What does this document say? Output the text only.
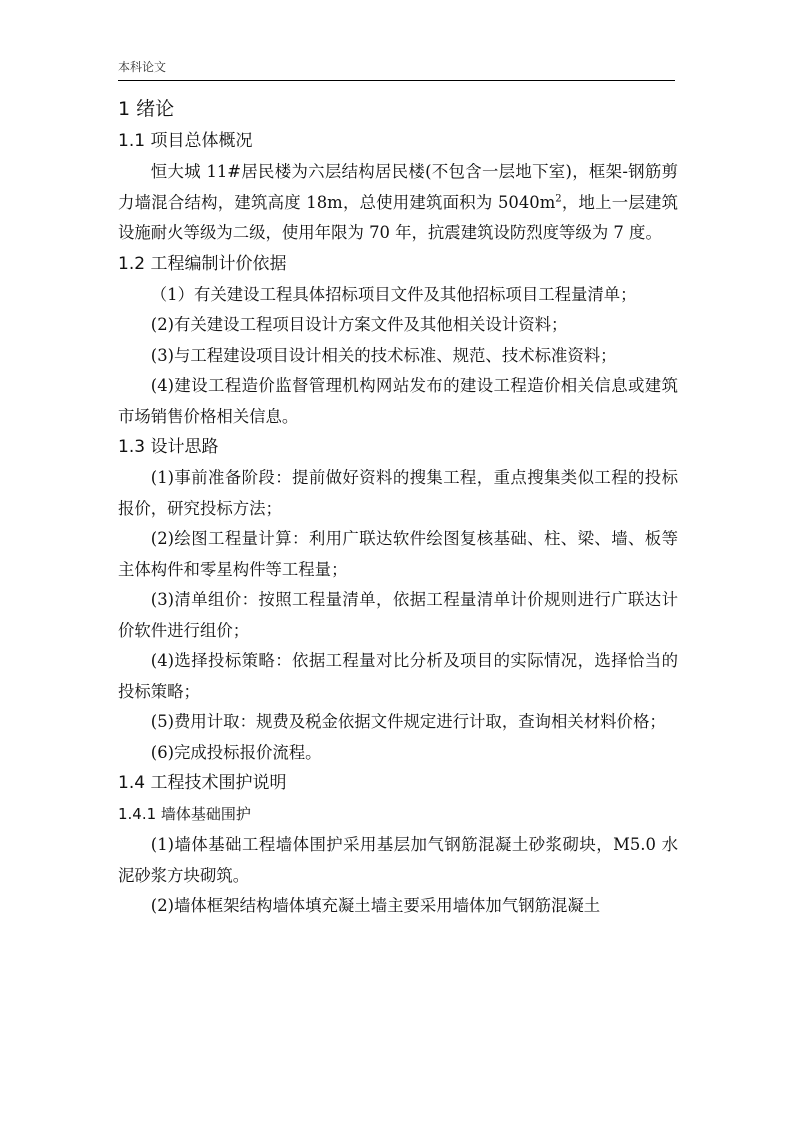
本科论文
1 绪论
1.1 项目总体概况

恒大城 11#居民楼为六层结构居民楼(不包含一层地下室)，框架-钢筋剪力墙混合结构，建筑高度 18m，总使用建筑面积为 $5040m^2$，地上一层建筑设施耐火等级为二级，使用年限为 70 年，抗震建筑设防烈度等级为 7 度。

1.2 工程编制计价依据

（1）有关建设工程具体招标项目文件及其他招标项目工程量清单；

(2)有关建设工程项目设计方案文件及其他相关设计资料；

(3)与工程建设项目设计相关的技术标准、规范、技术标准资料；

(4)建设工程造价监督管理机构网站发布的建设工程造价相关信息或建筑市场销售价格相关信息。

1.3 设计思路

(1)事前准备阶段：提前做好资料的搜集工程，重点搜集类似工程的投标报价，研究投标方法；

(2)绘图工程量计算：利用广联达软件绘图复核基础、柱、梁、墙、板等主体构件和零星构件等工程量；

(3)清单组价：按照工程量清单，依据工程量清单计价规则进行广联达计价软件进行组价；

(4)选择投标策略：依据工程量对比分析及项目的实际情况，选择恰当的投标策略；

(5)费用计取：规费及税金依据文件规定进行计取，查询相关材料价格；

(6)完成投标报价流程。

1.4 工程技术围护说明
1.4.1 墙体基础围护

(1)墙体基础工程墙体围护采用基层加气钢筋混凝土砂浆砌块，M5.0 水泥砂浆方块砌筑。

(2)墙体框架结构墙体填充凝土墙主要采用墙体加气钢筋混凝土
